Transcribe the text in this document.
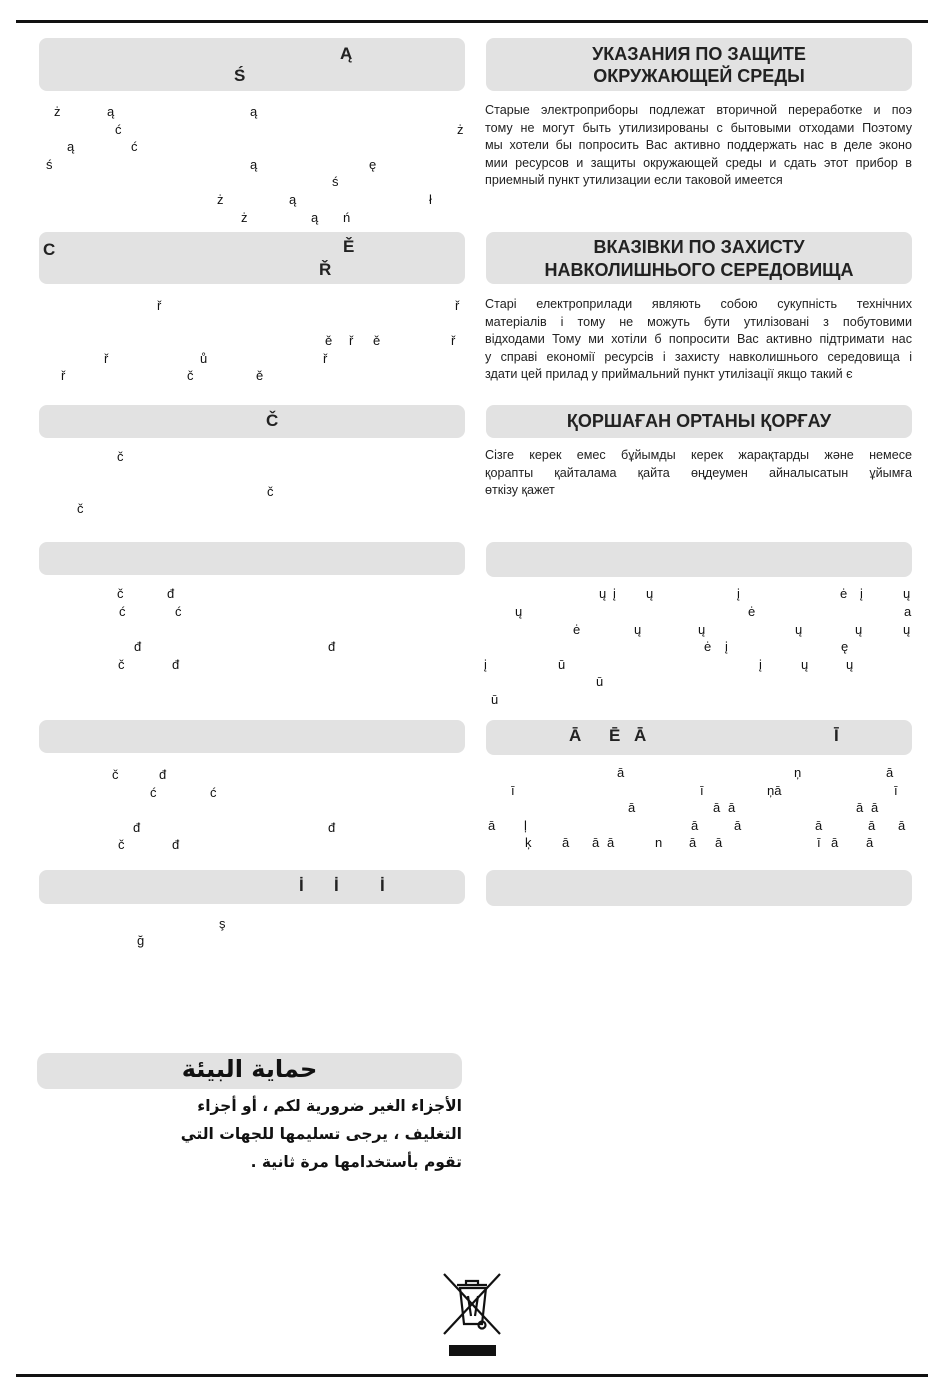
Ą
Ś
ż	ą	ą
ć	ż
ą	ć
ś	ą	ę
ś
ż	ą	ł
ż	ą ń
C	Ě
Ř
ř	ř
ě ř ě	ř
ř	ů	ř
ř	č	ě
Č
č
č
č
č	đ
ć	ć
đ	đ
č	đ
č	đ
ć	ć
đ	đ
č	đ
İ İ İ
ş
ğ
حماية البيئة
الأجزاء الغير ضرورية لكم ، أو أجزاء
التغليف ، يرجى تسليمها للجهات التي
تقوم بأستخدامها مرة ثانية .
УКАЗАНИЯ ПО ЗАЩИТЕ
ОКРУЖАЮЩЕЙ СРЕДЫ
Старые электроприборы подлежат вторичной переработке и поэ
тому не могут быть утилизированы с бытовыми отходами Поэтому
мы хотели бы попросить Вас активно поддержать нас в деле эконо
мии ресурсов и защиты окружающей среды и сдать этот прибор в
приемный пункт утилизации если таковой имеется
ВКАЗІВКИ ПО ЗАХИСТУ
НАВКОЛИШНЬОГО СЕРЕДОВИЩА
Старі електроприлади являють собою сукупність технічних
матеріалів і тому не можуть бути утилізовані з побутовими
відходами Тому ми хотіли б попросити Вас активно підтримати нас
у справі економії ресурсів і захисту навколишнього середовища і
здати цей прилад у приймальний пункт утилізації якщо такий є
ҚОРШАҒАН ОРТАНЫ ҚОРҒАУ
Сізге керек емес бұйымды керек жарақтарды және немесе
қорапты қайталама қайта өңдеумен айналысатын ұйымға
өткізу қажет
ų į ų	į	ė į	ų
ų	ė	a
ė	ų	ų	ų	ų	ų
ė į	ę
į	ū	į	ų	ų
ū
ū
Ā Ē Ā	Ī
ā	ņ	ā
ī	ī	ņā	ī
ā	ā ā	ā ā
ā ļ	ā	ā	ā	ā ā
ķ ā ā ā	n ā ā	ī ā ā
